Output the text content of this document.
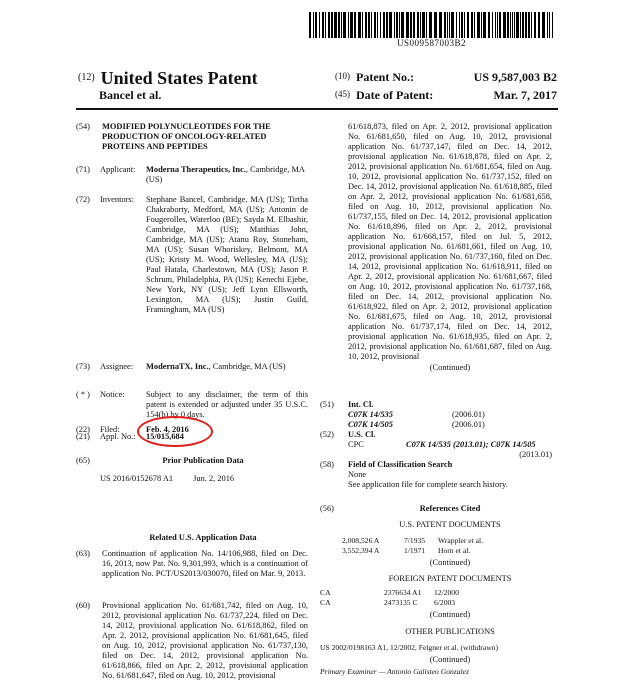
US009587003B2
$^{(12)}$ United States Patent
Bancel et al.
(10) Patent No.:	US 9,587,003 B2
(45) Date of Patent:	Mar. 7, 2017
(54)	MODIFIED POLYNUCLEOTIDES FOR THE PRODUCTION OF ONCOLOGY-RELATED PROTEINS AND PEPTIDES
(71)	Applicant:	Moderna Therapeutics, Inc., Cambridge, MA (US)
(72)	Inventors:	Stephane Bancel, Cambridge, MA (US); Tirtha Chakraborty, Medford, MA (US); Antonin de Fougerolles, Waterloo (BE); Sayda M. Elbashir, Cambridge, MA (US); Matthias John, Cambridge, MA (US); Atanu Roy, Stoneham, MA (US); Susan Whoriskey, Belmont, MA (US); Kristy M. Wood, Wellesley, MA (US); Paul Hatala, Charlestown, MA (US); Jason P. Schrum, Philadelphia, PA (US); Kenechi Ejebe, New York, NY (US); Jeff Lynn Ellsworth, Lexington, MA (US); Justin Guild, Framingham, MA (US)
(73)	Assignee:	ModernaTX, Inc., Cambridge, MA (US)
( * )	Notice:	Subject to any disclaimer, the term of this patent is extended or adjusted under 35 U.S.C. 154(b) by 0 days.
(21)	Appl. No.:	15/015,684
(22)	Filed:	Feb. 4, 2016
(65)	Prior Publication Data
US 2016/0152678 A1 Jun. 2, 2016
Related U.S. Application Data
(63)	Continuation of application No. 14/106,988, filed on Dec. 16, 2013, now Pat. No. 9,301,993, which is a continuation of application No. PCT/US2013/030070, filed on Mar. 9, 2013.
(60)	Provisional application No. 61/681,742, filed on Aug. 10, 2012, provisional application No. 61/737,224, filed on Dec. 14, 2012, provisional application No. 61/618,862, filed on Apr. 2, 2012, provisional application No. 61/681,645, filed on Aug. 10, 2012, provisional application No. 61/737,130, filed on Dec. 14, 2012, provisional application No. 61/618,866, filed on Apr. 2, 2012, provisional application No. 61/681,647, filed on Aug. 10, 2012, provisional
61/618,873, filed on Apr. 2, 2012, provisional application No. 61/681,650, filed on Aug. 10, 2012, provisional application No. 61/737,147, filed on Dec. 14, 2012, provisional application No. 61/618,878, filed on Apr. 2, 2012, provisional application No. 61/681,654, filed on Aug. 10, 2012, provisional application No. 61/737,152, filed on Dec. 14, 2012, provisional application No. 61/618,885, filed on Apr. 2, 2012, provisional application No. 61/681,658, filed on Aug. 10, 2012, provisional application No. 61/737,155, filed on Dec. 14, 2012, provisional application No. 61/618,896, filed on Apr. 2, 2012, provisional application No. 61/668,157, filed on Jul. 5, 2012, provisional application No. 61/681,661, filed on Aug. 10, 2012, provisional application No. 61/737,160, filed on Dec. 14, 2012, provisional application No. 61/618,911, filed on Apr. 2, 2012, provisional application No. 61/681,667, filed on Aug. 10, 2012, provisional application No. 61/737,168, filed on Dec. 14, 2012, provisional application No. 61/618,922, filed on Apr. 2, 2012, provisional application No. 61/681,675, filed on Aug. 10, 2012, provisional application No. 61/737,174, filed on Dec. 14, 2012, provisional application No. 61/618,935, filed on Apr. 2, 2012, provisional application No. 61/681,687, filed on Aug. 10, 2012, provisional
(Continued)
(51)	Int. Cl.
C07K 14/535	(2006.01)
C07K 14/505	(2006.01)
(52)	U.S. Cl.
CPC	C07K 14/535 (2013.01); C07K 14/505
(2013.01)
(58)	Field of Classification Search
None
See application file for complete search history.
(56)	References Cited
U.S. PATENT DOCUMENTS
2,008,526 A	7/1935	Wrappler et al.
3,552,394 A	1/1971	Horn et al.
(Continued)
FOREIGN PATENT DOCUMENTS
CA	2376634 A1	12/2000
CA	2473135 C	6/2003
(Continued)
OTHER PUBLICATIONS
US 2002/0198163 A1, 12/2002, Felgner et al. (withdrawn)
(Continued)
Primary Examiner — Antonio Galisteo Gonzalez
